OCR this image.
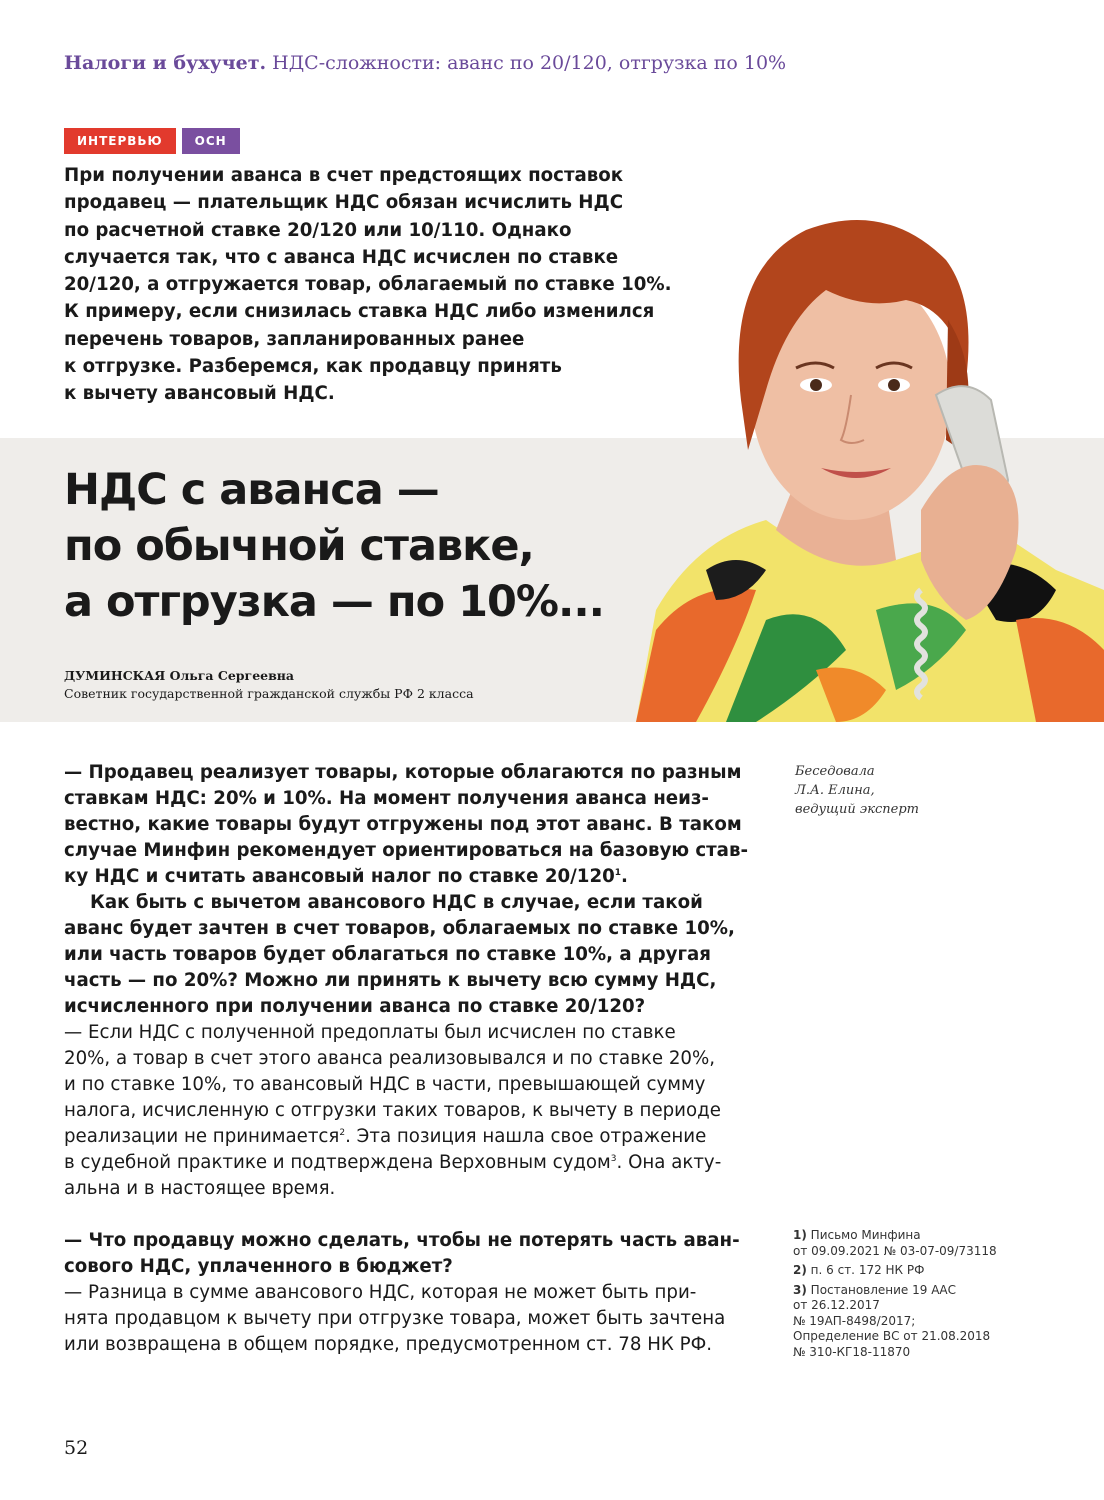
Налоги и бухучет. НДС-сложности: аванс по 20/120, отгрузка по 10%
ИНТЕРВЬЮ	ОСН

При получении аванса в счет предстоящих поставок
продавец — плательщик НДС обязан исчислить НДС
по расчетной ставке 20/120 или 10/110. Однако
случается так, что с аванса НДС исчислен по ставке
20/120, а отгружается товар, облагаемый по ставке 10%.
К примеру, если снизилась ставка НДС либо изменился
перечень товаров, запланированных ранее
к отгрузке. Разберемся, как продавцу принять
к вычету авансовый НДС.

НДС с аванса —
по обычной ставке,
а отгрузка — по 10%...
ДУМИНСКАЯ Ольга Сергеевна
Советник государственной гражданской службы РФ 2 класса
Беседовала
Л.А. Елина,
ведущий эксперт
— Продавец реализует товары, которые облагаются по разным
ставкам НДС: 20% и 10%. На момент получения аванса неиз-
вестно, какие товары будут отгружены под этот аванс. В таком
случае Минфин рекомендует ориентироваться на базовую став-
ку НДС и считать авансовый налог по ставке $20/120^1$.
Как быть с вычетом авансового НДС в случае, если такой
аванс будет зачтен в счет товаров, облагаемых по ставке 10%,
или часть товаров будет облагаться по ставке 10%, а другая
часть — по 20%? Можно ли принять к вычету всю сумму НДС,
исчисленного при получении аванса по ставке 20/120?
— Если НДС с полученной предоплаты был исчислен по ставке
20%, а товар в счет этого аванса реализовывался и по ставке 20%,
и по ставке 10%, то авансовый НДС в части, превышающей сумму
налога, исчисленную с отгрузки таких товаров, к вычету в периоде
реализации не принимается$^2$. Эта позиция нашла свое отражение
в судебной практике и подтверждена Верховным судом$^3$. Она акту-
альна и в настоящее время.
— Что продавцу можно сделать, чтобы не потерять часть аван-
сового НДС, уплаченного в бюджет?
— Разница в сумме авансового НДС, которая не может быть при-
нята продавцом к вычету при отгрузке товара, может быть зачтена
или возвращена в общем порядке, предусмотренном ст. 78 НК РФ.
1) Письмо Минфина
от 09.09.2021 № 03-07-09/73118
2) п. 6 ст. 172 НК РФ
3) Постановление 19 ААС
от 26.12.2017
№ 19АП-8498/2017;
Определение ВС от 21.08.2018
№ 310-КГ18-11870
52
